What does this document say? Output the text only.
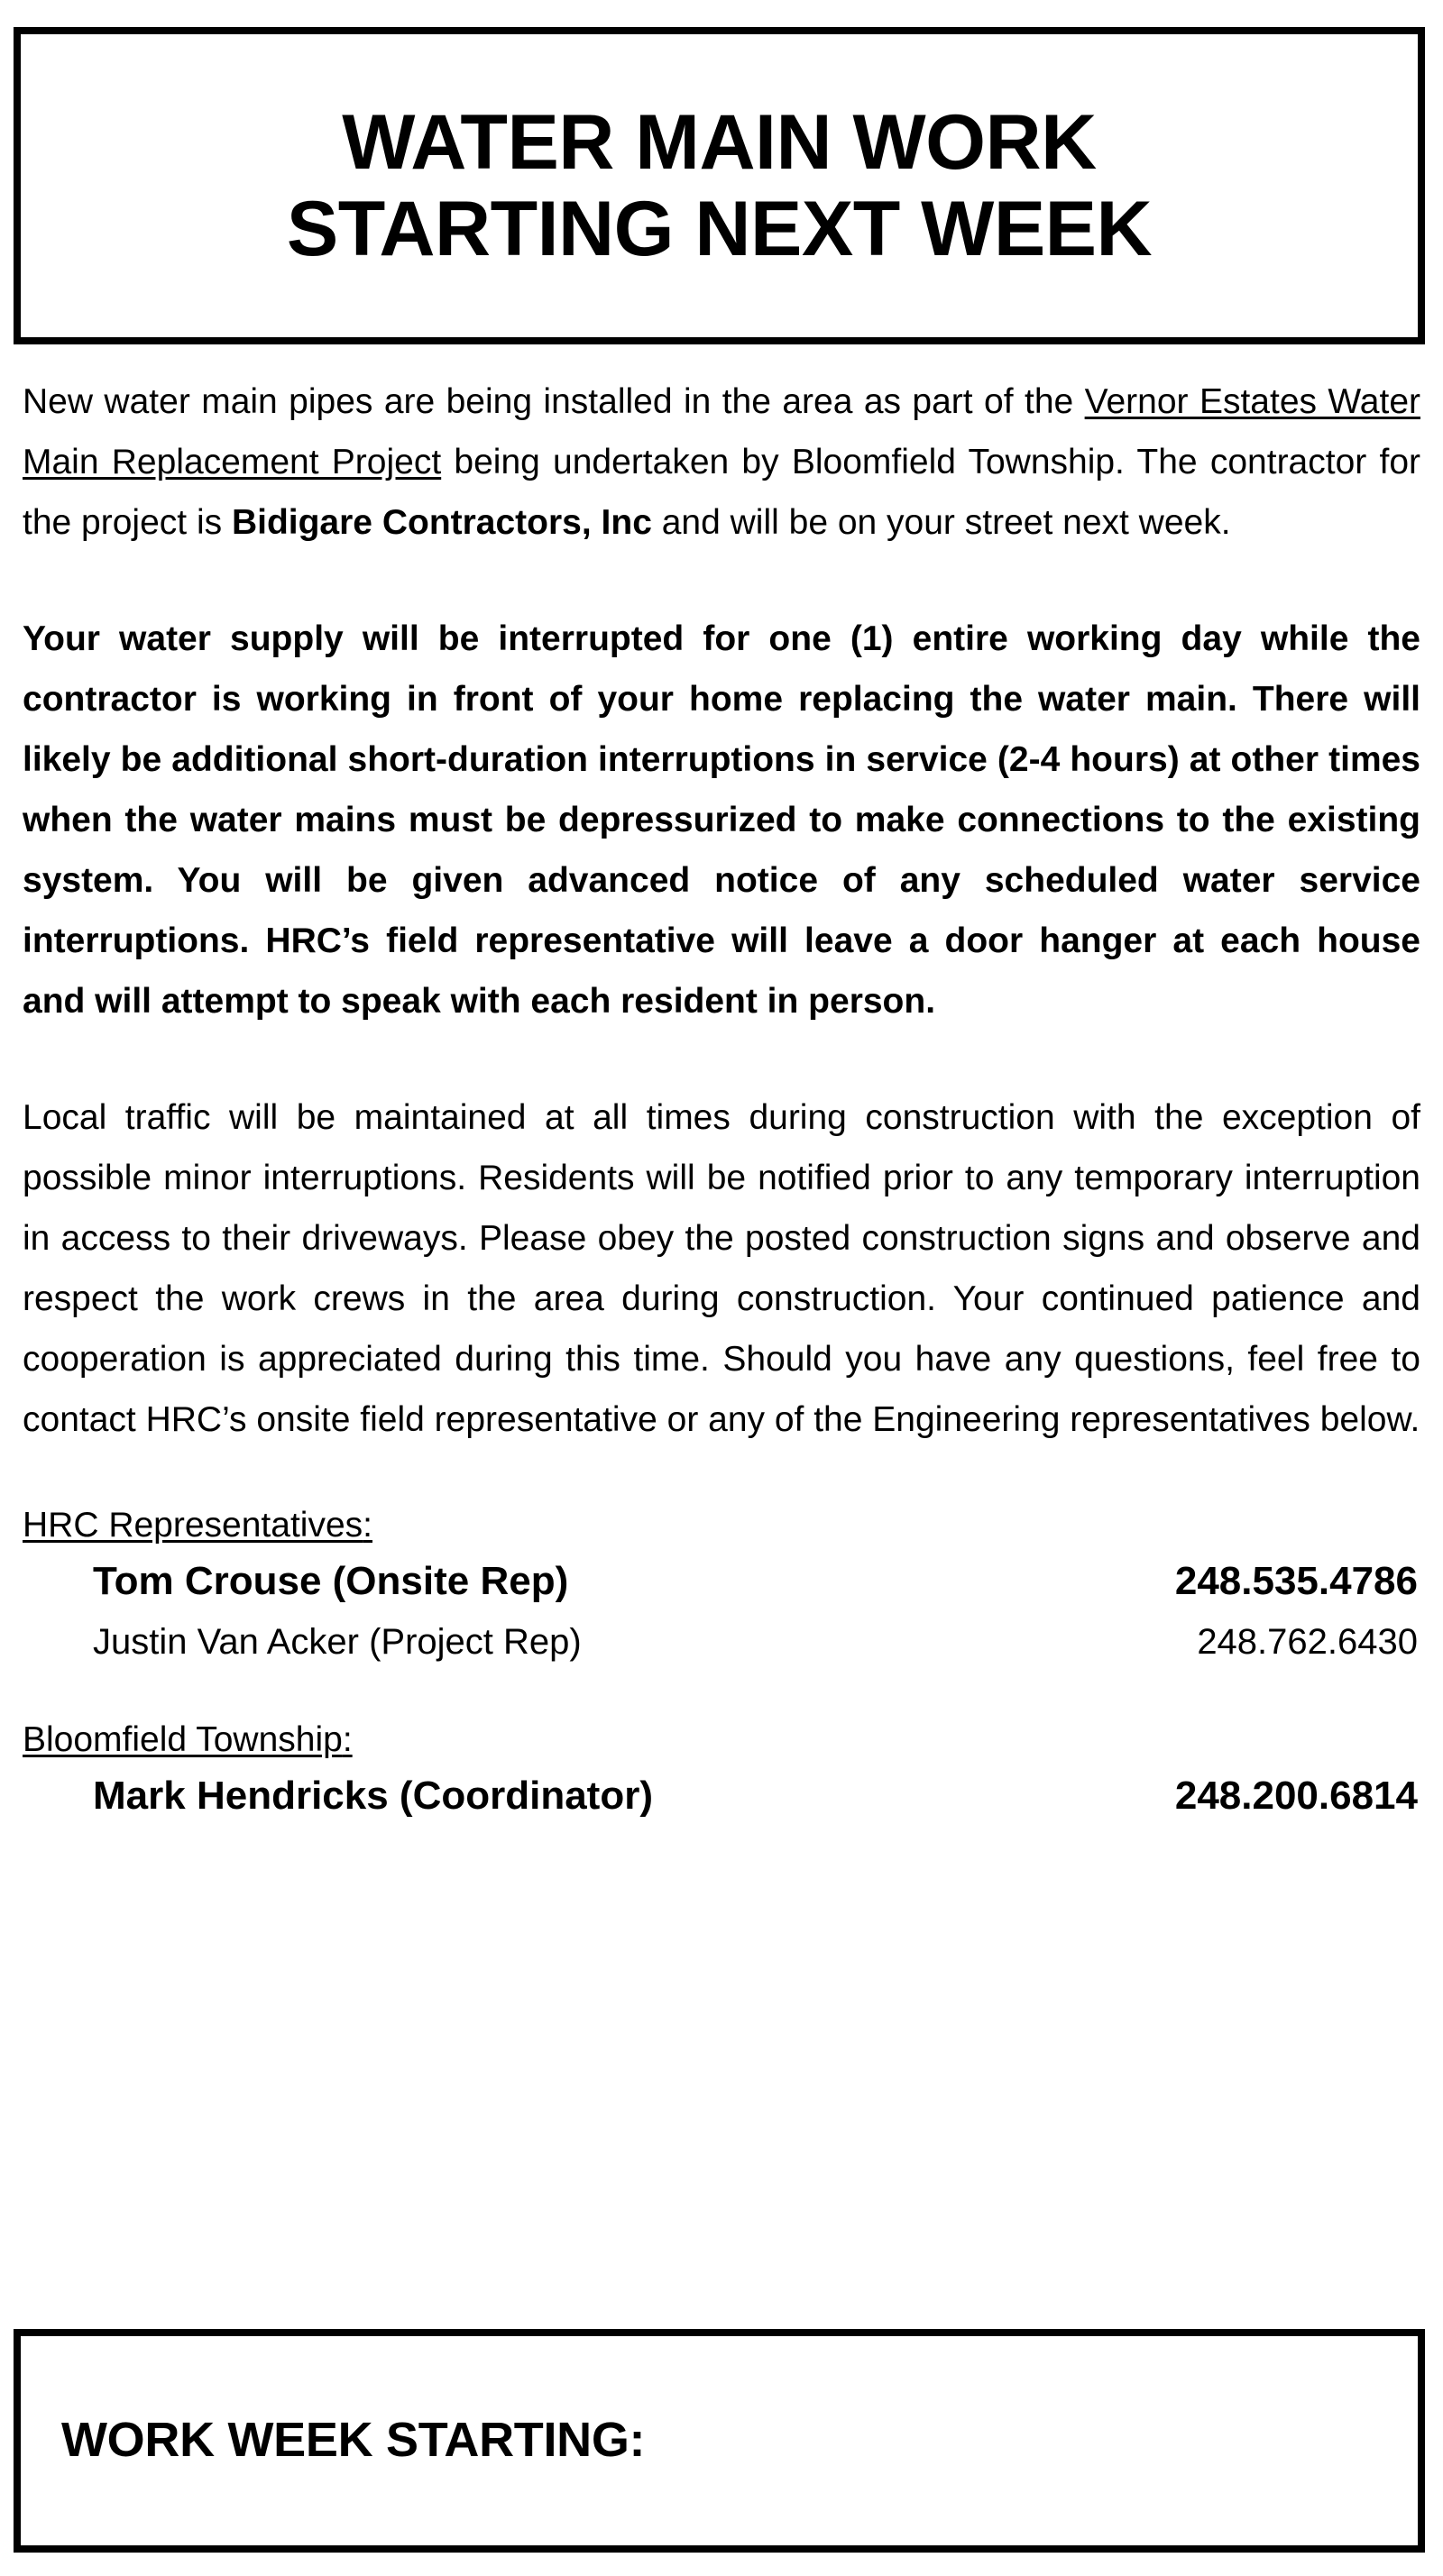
WATER MAIN WORK
STARTING NEXT WEEK

New water main pipes are being installed in the area as part of the Vernor Estates Water Main Replacement Project being undertaken by Bloomfield Township. The contractor for the project is Bidigare Contractors, Inc and will be on your street next week.

Your water supply will be interrupted for one (1) entire working day while the contractor is working in front of your home replacing the water main. There will likely be additional short-duration interruptions in service (2-4 hours) at other times when the water mains must be depressurized to make connections to the existing system. You will be given advanced notice of any scheduled water service interruptions. HRC’s field representative will leave a door hanger at each house and will attempt to speak with each resident in person.

Local traffic will be maintained at all times during construction with the exception of possible minor interruptions. Residents will be notified prior to any temporary interruption in access to their driveways. Please obey the posted construction signs and observe and respect the work crews in the area during construction. Your continued patience and cooperation is appreciated during this time. Should you have any questions, feel free to contact HRC’s onsite field representative or any of the Engineering representatives below.

HRC Representatives:
Tom Crouse (Onsite Rep)	248.535.4786
Justin Van Acker (Project Rep)	248.762.6430
Bloomfield Township:
Mark Hendricks (Coordinator)	248.200.6814
WORK WEEK STARTING:
